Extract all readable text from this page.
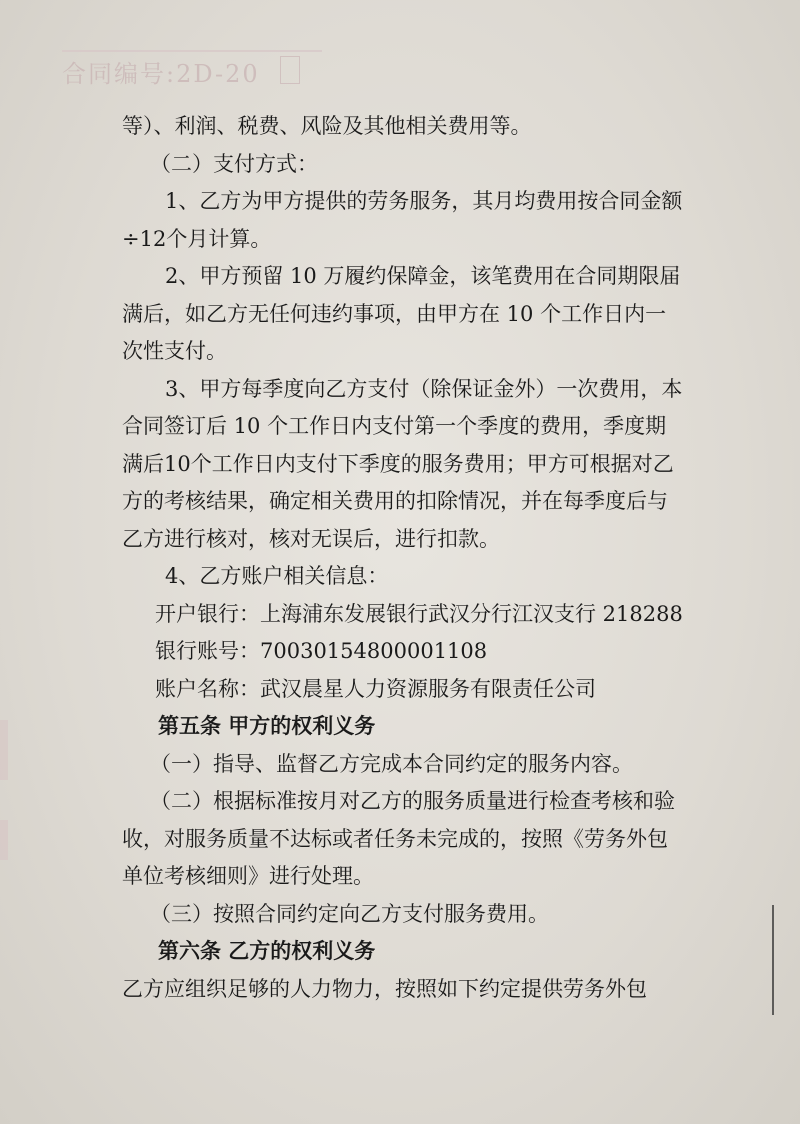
合同编号:2D-20
等）、利润、税费、风险及其他相关费用等。
（二）支付方式：
1、乙方为甲方提供的劳务服务，其月均费用按合同金额
÷12个月计算。
2、甲方预留 10 万履约保障金，该笔费用在合同期限届
满后，如乙方无任何违约事项，由甲方在 10 个工作日内一
次性支付。
3、甲方每季度向乙方支付（除保证金外）一次费用，本
合同签订后 10 个工作日内支付第一个季度的费用，季度期
满后10个工作日内支付下季度的服务费用；甲方可根据对乙
方的考核结果，确定相关费用的扣除情况，并在每季度后与
乙方进行核对，核对无误后，进行扣款。
4、乙方账户相关信息：
开户银行：上海浦东发展银行武汉分行江汉支行 218288
银行账号：70030154800001108
账户名称：武汉晨星人力资源服务有限责任公司
第五条 甲方的权利义务
（一）指导、监督乙方完成本合同约定的服务内容。
（二）根据标准按月对乙方的服务质量进行检查考核和验
收，对服务质量不达标或者任务未完成的，按照《劳务外包
单位考核细则》进行处理。
（三）按照合同约定向乙方支付服务费用。
第六条 乙方的权利义务
乙方应组织足够的人力物力，按照如下约定提供劳务外包
